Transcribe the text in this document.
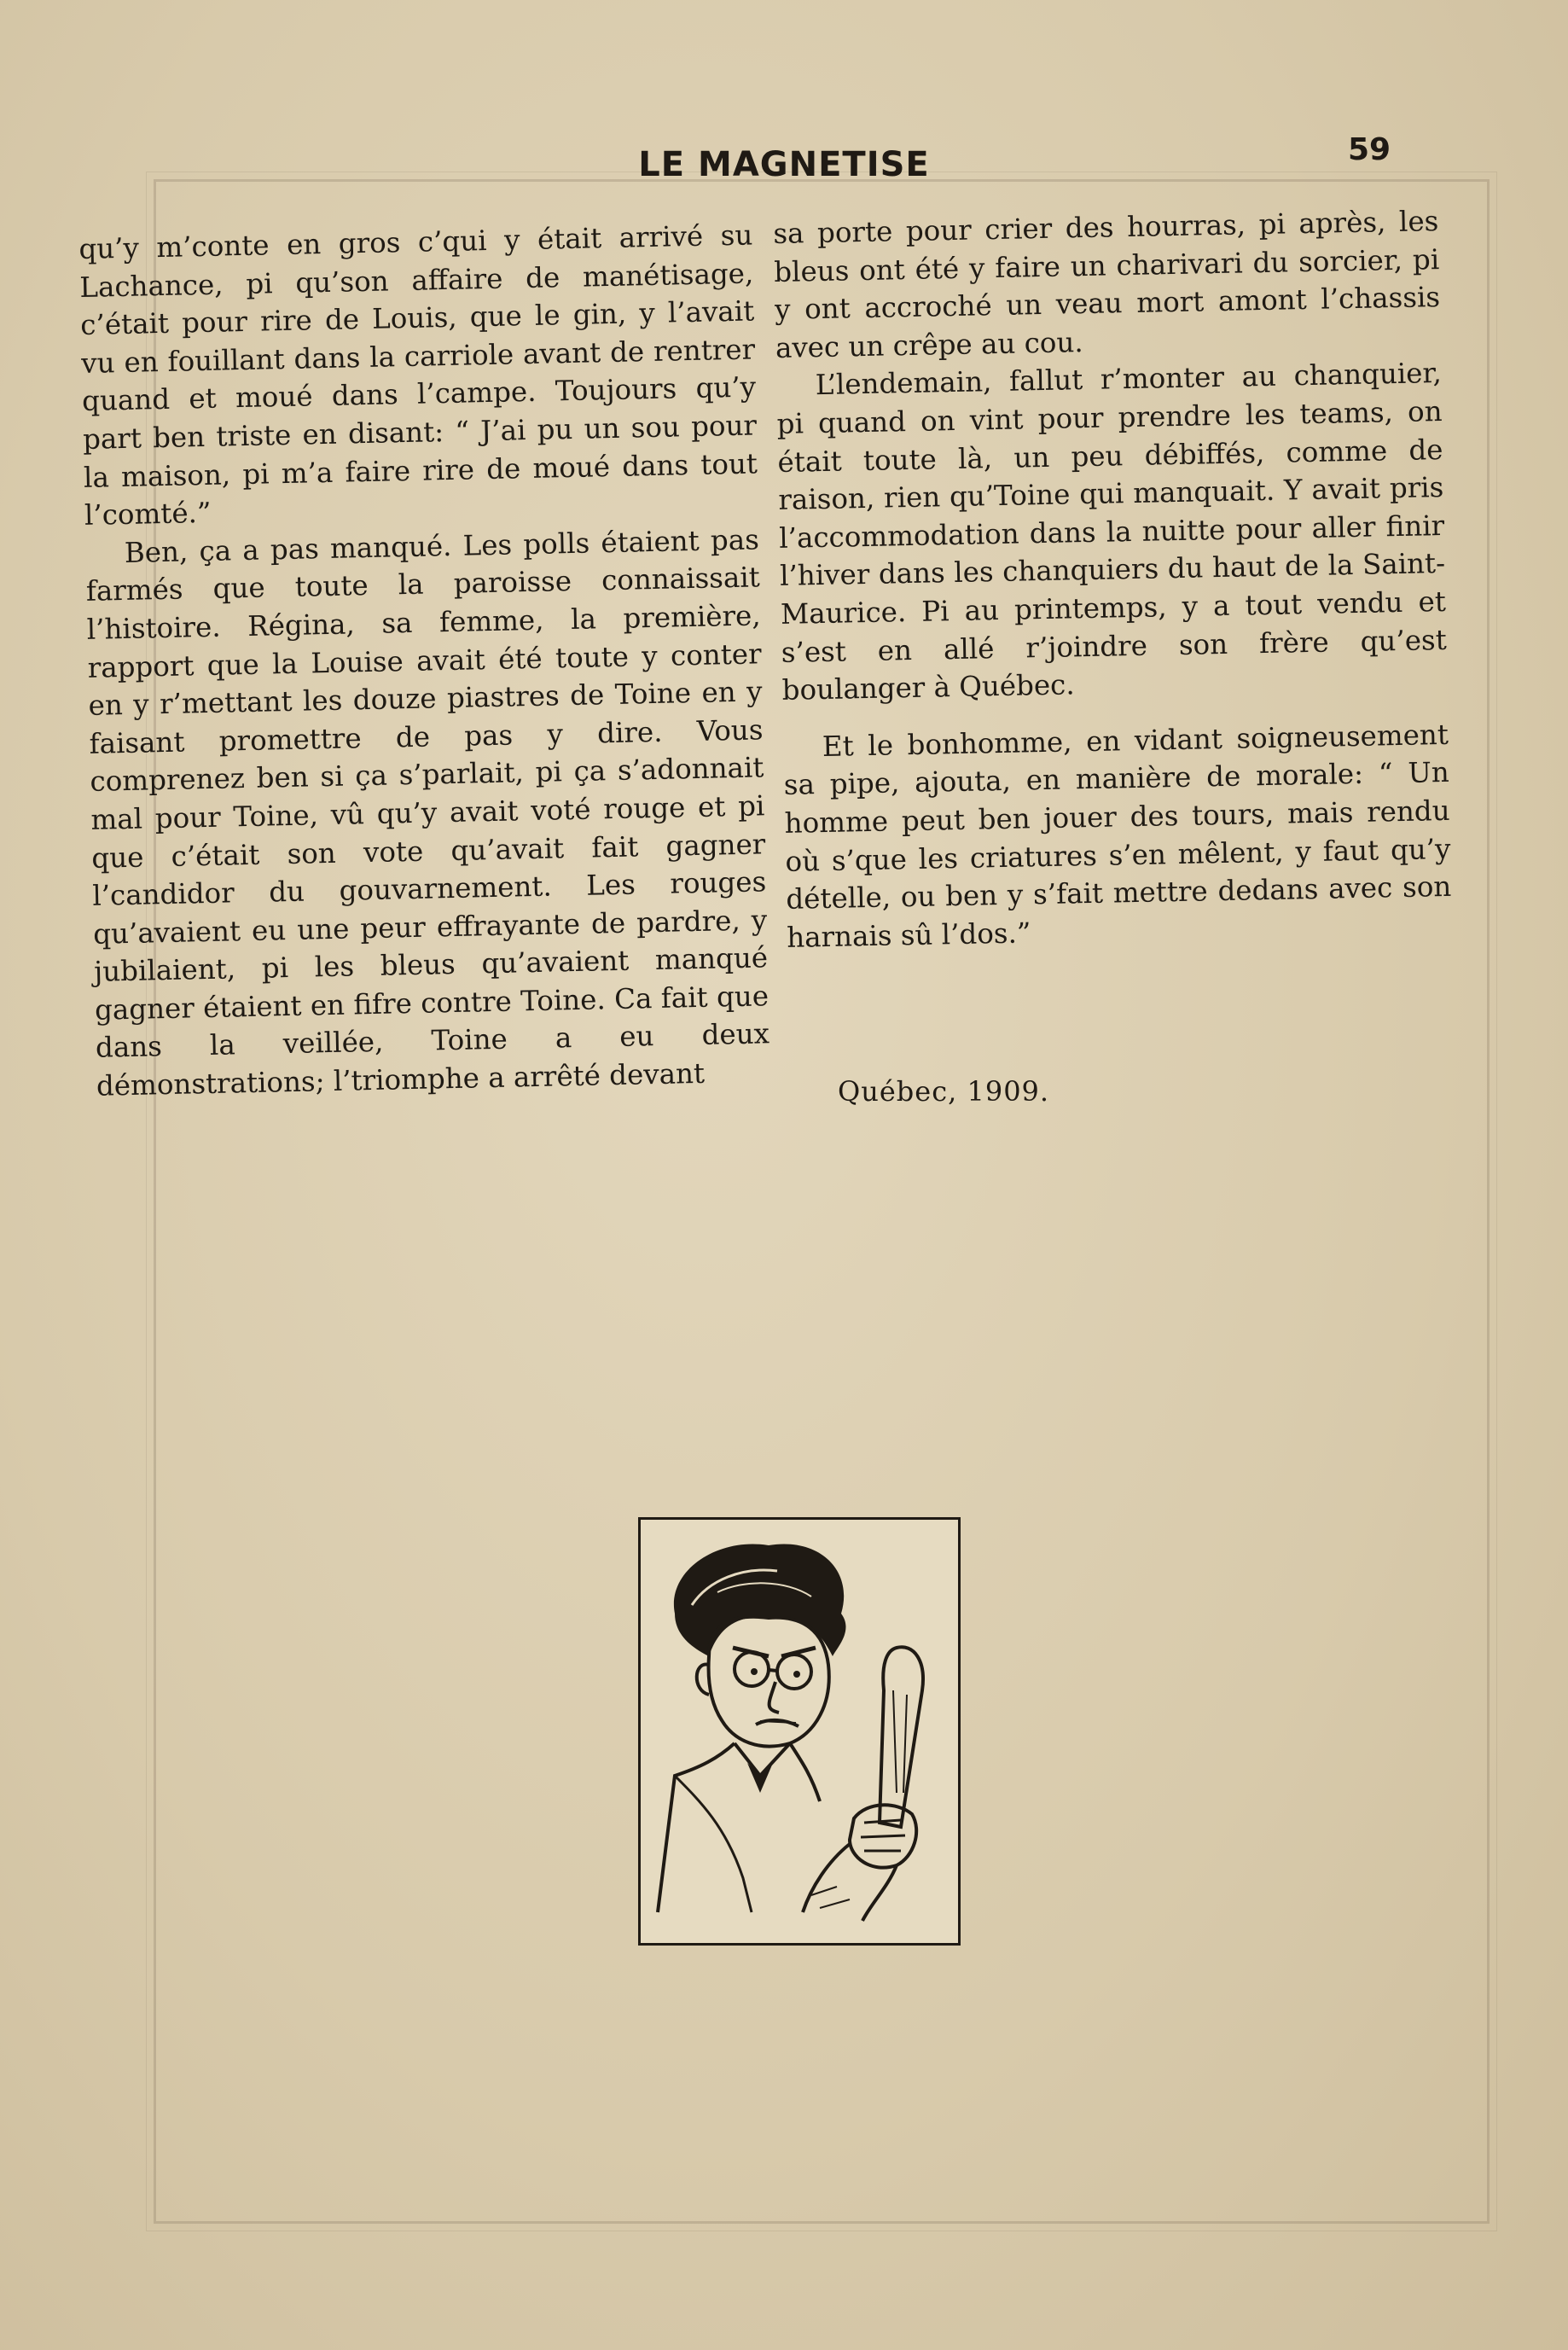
LE MAGNETISE	59

qu’y m’conte en gros c’qui y était arrivé su Lachance, pi qu’son affaire de manétisage, c’était pour rire de Louis, que le gin, y l’avait vu en fouillant dans la carriole avant de rentrer quand et moué dans l’campe. Toujours qu’y part ben triste en disant: “ J’ai pu un sou pour la maison, pi m’a faire rire de moué dans tout l’comté.”

Ben, ça a pas manqué. Les polls étaient pas farmés que toute la paroisse connaissait l’histoire. Régina, sa femme, la première, rapport que la Louise avait été toute y conter en y r’mettant les douze piastres de Toine en y faisant promettre de pas y dire. Vous comprenez ben si ça s’parlait, pi ça s’adonnait mal pour Toine, vû qu’y avait voté rouge et pi que c’était son vote qu’avait fait gagner l’candidor du gouvarnement. Les rouges qu’avaient eu une peur effrayante de pardre, y jubilaient, pi les bleus qu’avaient manqué gagner étaient en fifre contre Toine. Ca fait que dans la veillée, Toine a eu deux démonstrations; l’triomphe a arrêté devant

sa porte pour crier des hourras, pi après, les bleus ont été y faire un charivari du sorcier, pi y ont accroché un veau mort amont l’chassis avec un crêpe au cou.

L’lendemain, fallut r’monter au chanquier, pi quand on vint pour prendre les teams, on était toute là, un peu débiffés, comme de raison, rien qu’Toine qui manquait. Y avait pris l’accommodation dans la nuitte pour aller finir l’hiver dans les chanquiers du haut de la Saint-Maurice. Pi au printemps, y a tout vendu et s’est en allé r’joindre son frère qu’est boulanger à Québec.

Et le bonhomme, en vidant soigneusement sa pipe, ajouta, en manière de morale: “ Un homme peut ben jouer des tours, mais rendu où s’que les criatures s’en mêlent, y faut qu’y dételle, ou ben y s’fait mettre dedans avec son harnais sû l’dos.”

Québec, 1909.
